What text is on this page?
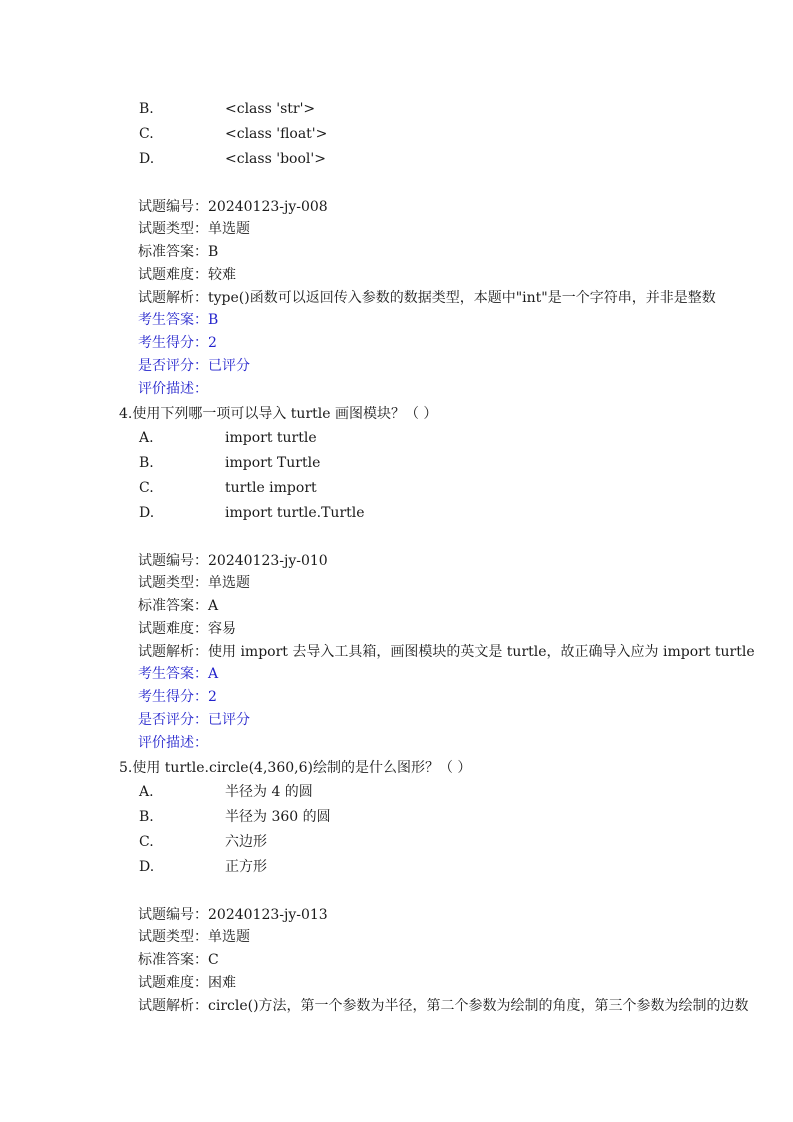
B.	<class 'str'>
C.	<class 'float'>
D.	<class 'bool'>
试题编号：20240123-jy-008
试题类型：单选题
标准答案：B
试题难度：较难
试题解析：type()函数可以返回传入参数的数据类型，本题中"int"是一个字符串，并非是整数
考生答案：B
考生得分：2
是否评分：已评分
评价描述：
4.使用下列哪一项可以导入 turtle 画图模块？（ ）
A.	import turtle
B.	import Turtle
C.	turtle import
D.	import turtle.Turtle
试题编号：20240123-jy-010
试题类型：单选题
标准答案：A
试题难度：容易
试题解析：使用 import 去导入工具箱，画图模块的英文是 turtle，故正确导入应为 import turtle
考生答案：A
考生得分：2
是否评分：已评分
评价描述：
5.使用 turtle.circle(4,360,6)绘制的是什么图形？（ ）
A.	半径为 4 的圆
B.	半径为 360 的圆
C.	六边形
D.	正方形
试题编号：20240123-jy-013
试题类型：单选题
标准答案：C
试题难度：困难
试题解析：circle()方法，第一个参数为半径，第二个参数为绘制的角度，第三个参数为绘制的边数
